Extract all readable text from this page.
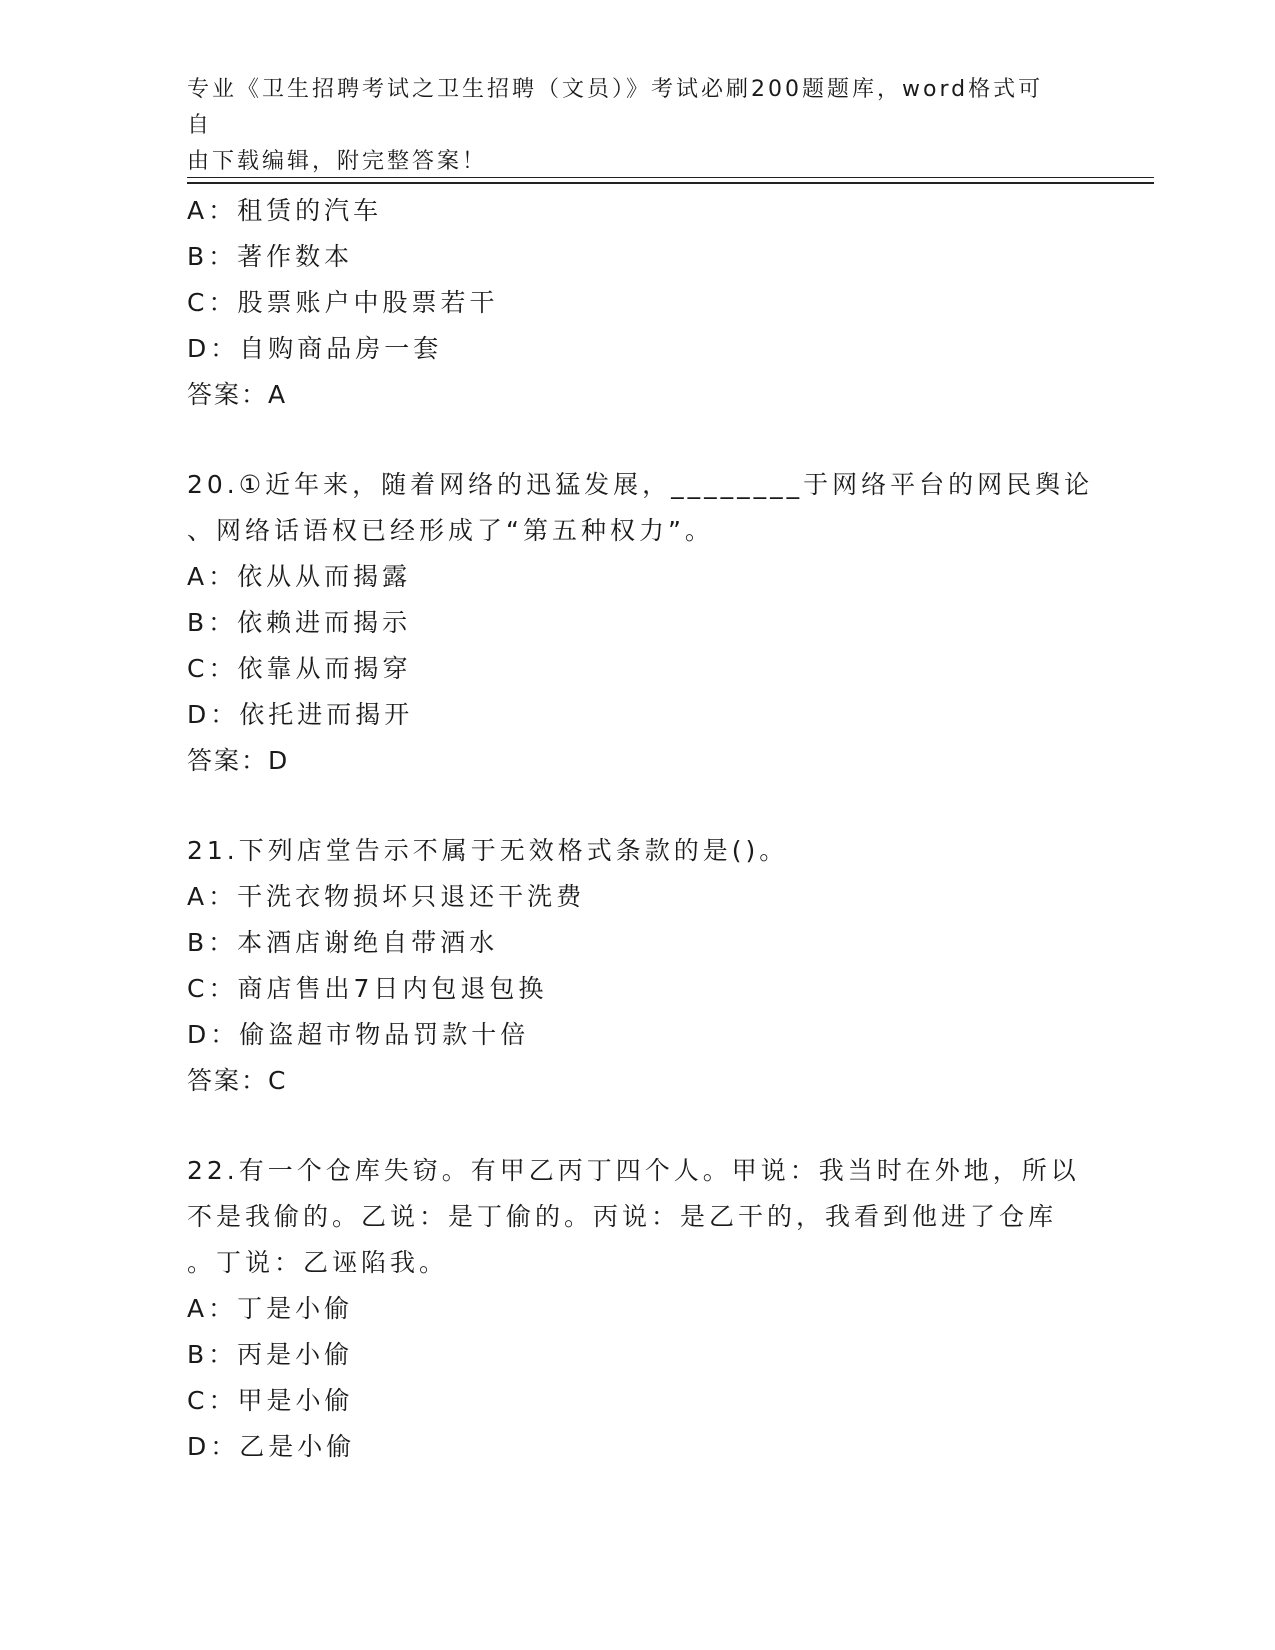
专业《卫生招聘考试之卫生招聘（文员）》考试必刷200题题库，word格式可自
由下载编辑，附完整答案！
A：租赁的汽车
B：著作数本
C：股票账户中股票若干
D：自购商品房一套
答案：A
20.①近年来，随着网络的迅猛发展，________于网络平台的网民舆论
、网络话语权已经形成了“第五种权力”。
A：依从从而揭露
B：依赖进而揭示
C：依靠从而揭穿
D：依托进而揭开
答案：D
21.下列店堂告示不属于无效格式条款的是()。
A：干洗衣物损坏只退还干洗费
B：本酒店谢绝自带酒水
C：商店售出7日内包退包换
D：偷盗超市物品罚款十倍
答案：C
22.有一个仓库失窃。有甲乙丙丁四个人。甲说：我当时在外地，所以
不是我偷的。乙说：是丁偷的。丙说：是乙干的，我看到他进了仓库
。丁说：乙诬陷我。
A：丁是小偷
B：丙是小偷
C：甲是小偷
D：乙是小偷
